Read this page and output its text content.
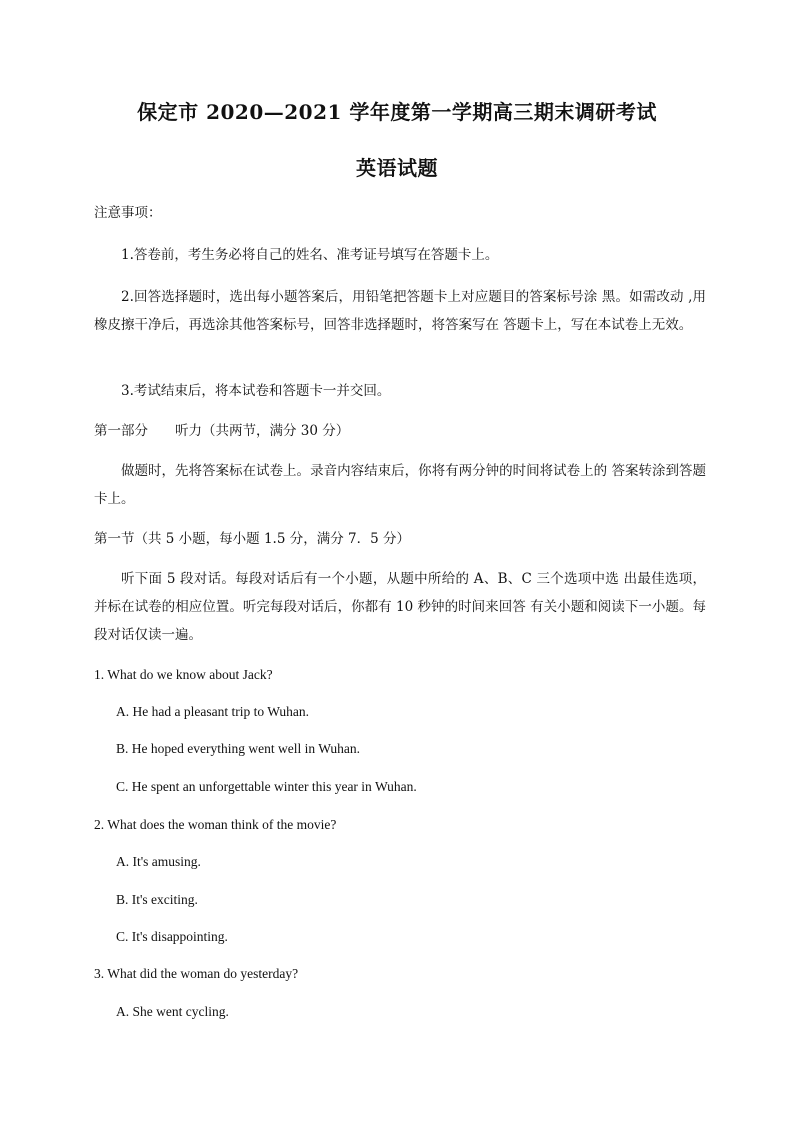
保定市 2020—2021 学年度第一学期高三期末调研考试
英语试题
注意事项：
1.答卷前，考生务必将自己的姓名、准考证号填写在答题卡上。
2.回答选择题时，选出每小题答案后，用铅笔把答题卡上对应题目的答案标号涂 黑。如需改动 ,用橡皮擦干净后，再选涂其他答案标号，回答非选择题时，将答案写在 答题卡上，写在本试卷上无效。
3.考试结束后，将本试卷和答题卡一并交回。
第一部分　　听力（共两节，满分 30 分）
做题时，先将答案标在试卷上。录音内容结束后，你将有两分钟的时间将试卷上的 答案转涂到答题卡上。
第一节（共 5 小题，每小题 1.5 分，满分 7．5 分）
听下面 5 段对话。每段对话后有一个小题，从题中所给的 A、B、C 三个选项中选 出最佳选项，并标在试卷的相应位置。听完每段对话后，你都有 10 秒钟的时间来回答 有关小题和阅读下一小题。每段对话仅读一遍。
1. What do we know about Jack?
A. He had a pleasant trip to Wuhan.
B. He hoped everything went well in Wuhan.
C. He spent an unforgettable winter this year in Wuhan.
2. What does the woman think of the movie?
A. It's amusing.
B. It's exciting.
C. It's disappointing.
3. What did the woman do yesterday?
A. She went cycling.
